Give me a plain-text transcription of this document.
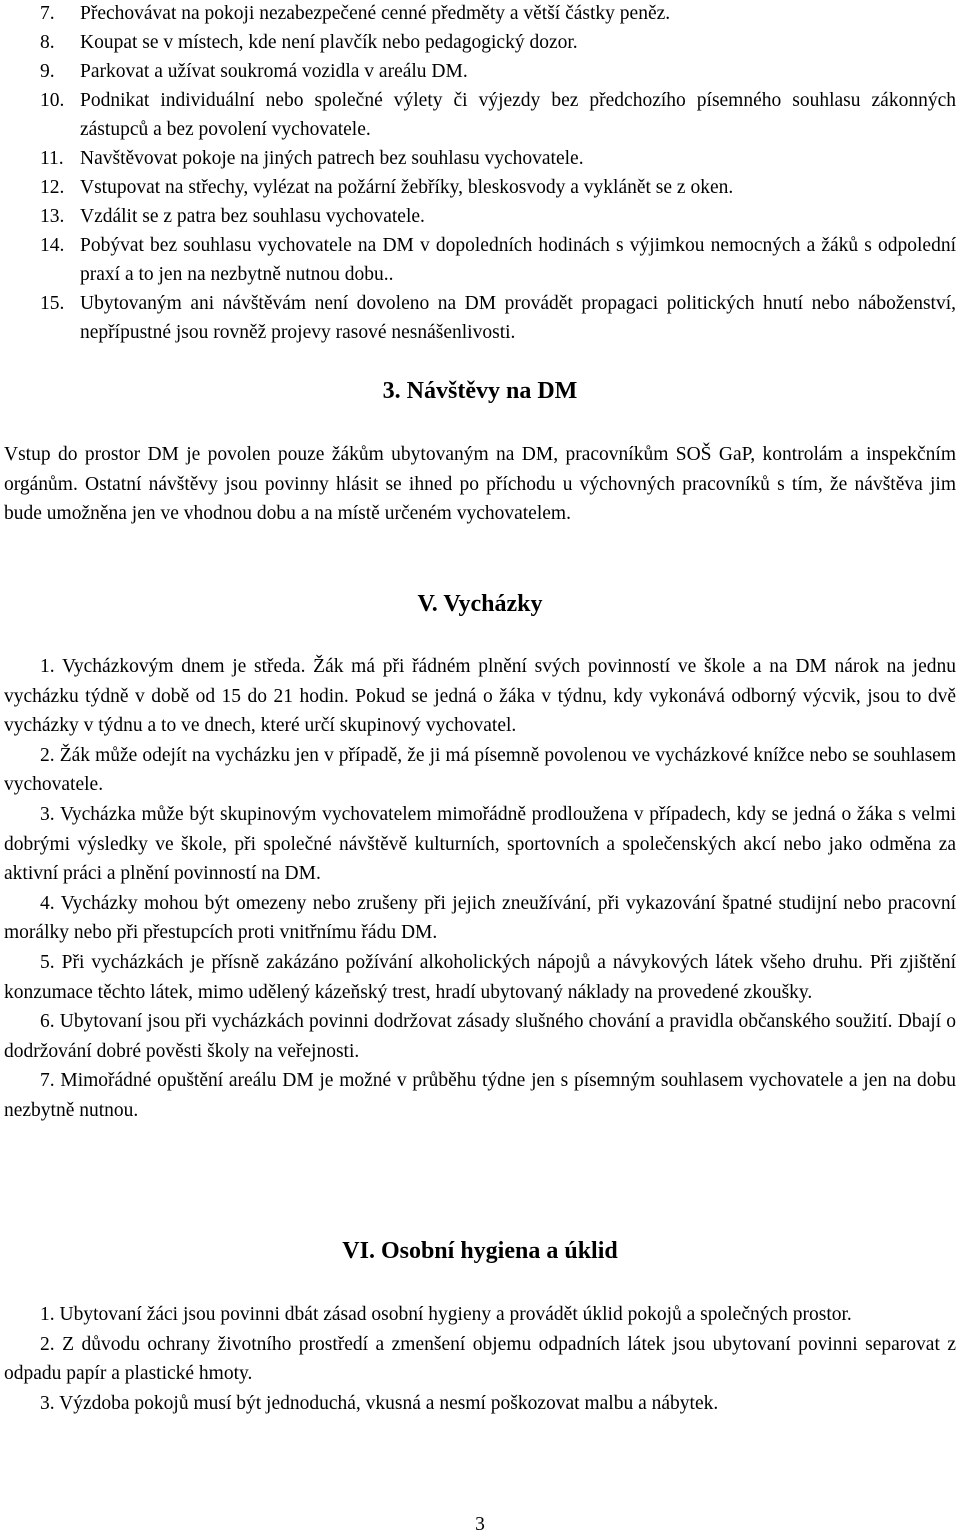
7. Přechovávat na pokoji nezabezpečené cenné předměty a větší částky peněz.
8. Koupat se v místech, kde není plavčík nebo pedagogický dozor.
9. Parkovat a užívat soukromá vozidla v areálu DM.
10. Podnikat individuální nebo společné výlety či výjezdy bez předchozího písemného souhlasu zákonných zástupců a bez povolení vychovatele.
11. Navštěvovat pokoje na jiných patrech bez souhlasu vychovatele.
12. Vstupovat na střechy, vylézat na požární žebříky, bleskosvody a vyklánět se z oken.
13. Vzdálit se z patra bez souhlasu vychovatele.
14. Pobývat bez souhlasu vychovatele na DM v dopoledních hodinách s výjimkou nemocných a žáků s odpolední praxí a to jen na nezbytně nutnou dobu..
15. Ubytovaným ani návštěvám není dovoleno na DM provádět propagaci politických hnutí nebo náboženství, nepřípustné jsou rovněž projevy rasové nesnášenlivosti.
3. Návštěvy na DM
Vstup do prostor DM je povolen pouze žákům ubytovaným na DM, pracovníkům SOŠ GaP, kontrolám a inspekčním orgánům. Ostatní návštěvy jsou povinny hlásit se ihned po příchodu u výchovných pracovníků s tím, že návštěva jim bude umožněna jen ve vhodnou dobu a na místě určeném vychovatelem.
V. Vycházky
1. Vycházkovým dnem je středa. Žák má při řádném plnění svých povinností ve škole a na DM nárok na jednu vycházku týdně v době od 15 do 21 hodin. Pokud se jedná o žáka v týdnu, kdy vykonává odborný výcvik, jsou to dvě vycházky v týdnu a to ve dnech, které určí skupinový vychovatel.
2. Žák může odejít na vycházku jen v případě, že ji má písemně povolenou ve vycházkové knížce nebo se souhlasem vychovatele.
3. Vycházka může být skupinovým vychovatelem mimořádně prodloužena v případech, kdy se jedná o žáka s velmi dobrými výsledky ve škole, při společné návštěvě kulturních, sportovních a společenských akcí nebo jako odměna za aktivní práci a plnění povinností na DM.
4. Vycházky mohou být omezeny nebo zrušeny při jejich zneužívání, při vykazování špatné studijní nebo pracovní morálky nebo při přestupcích proti vnitřnímu řádu DM.
5. Při vycházkách je přísně zakázáno požívání alkoholických nápojů a návykových látek všeho druhu. Při zjištění konzumace těchto látek, mimo udělený kázeňský trest, hradí ubytovaný náklady na provedené zkoušky.
6. Ubytovaní jsou při vycházkách povinni dodržovat zásady slušného chování a pravidla občanského soužití. Dbají o dodržování dobré pověsti školy na veřejnosti.
7. Mimořádné opuštění areálu DM je možné v průběhu týdne jen s písemným souhlasem vychovatele a jen na dobu nezbytně nutnou.
VI. Osobní hygiena a úklid
1. Ubytovaní žáci jsou povinni dbát zásad osobní hygieny a provádět úklid pokojů a společných prostor.
2. Z důvodu ochrany životního prostředí a zmenšení objemu odpadních látek jsou ubytovaní povinni separovat z odpadu papír a plastické hmoty.
3. Výzdoba pokojů musí být jednoduchá, vkusná a nesmí poškozovat malbu a nábytek.
3
